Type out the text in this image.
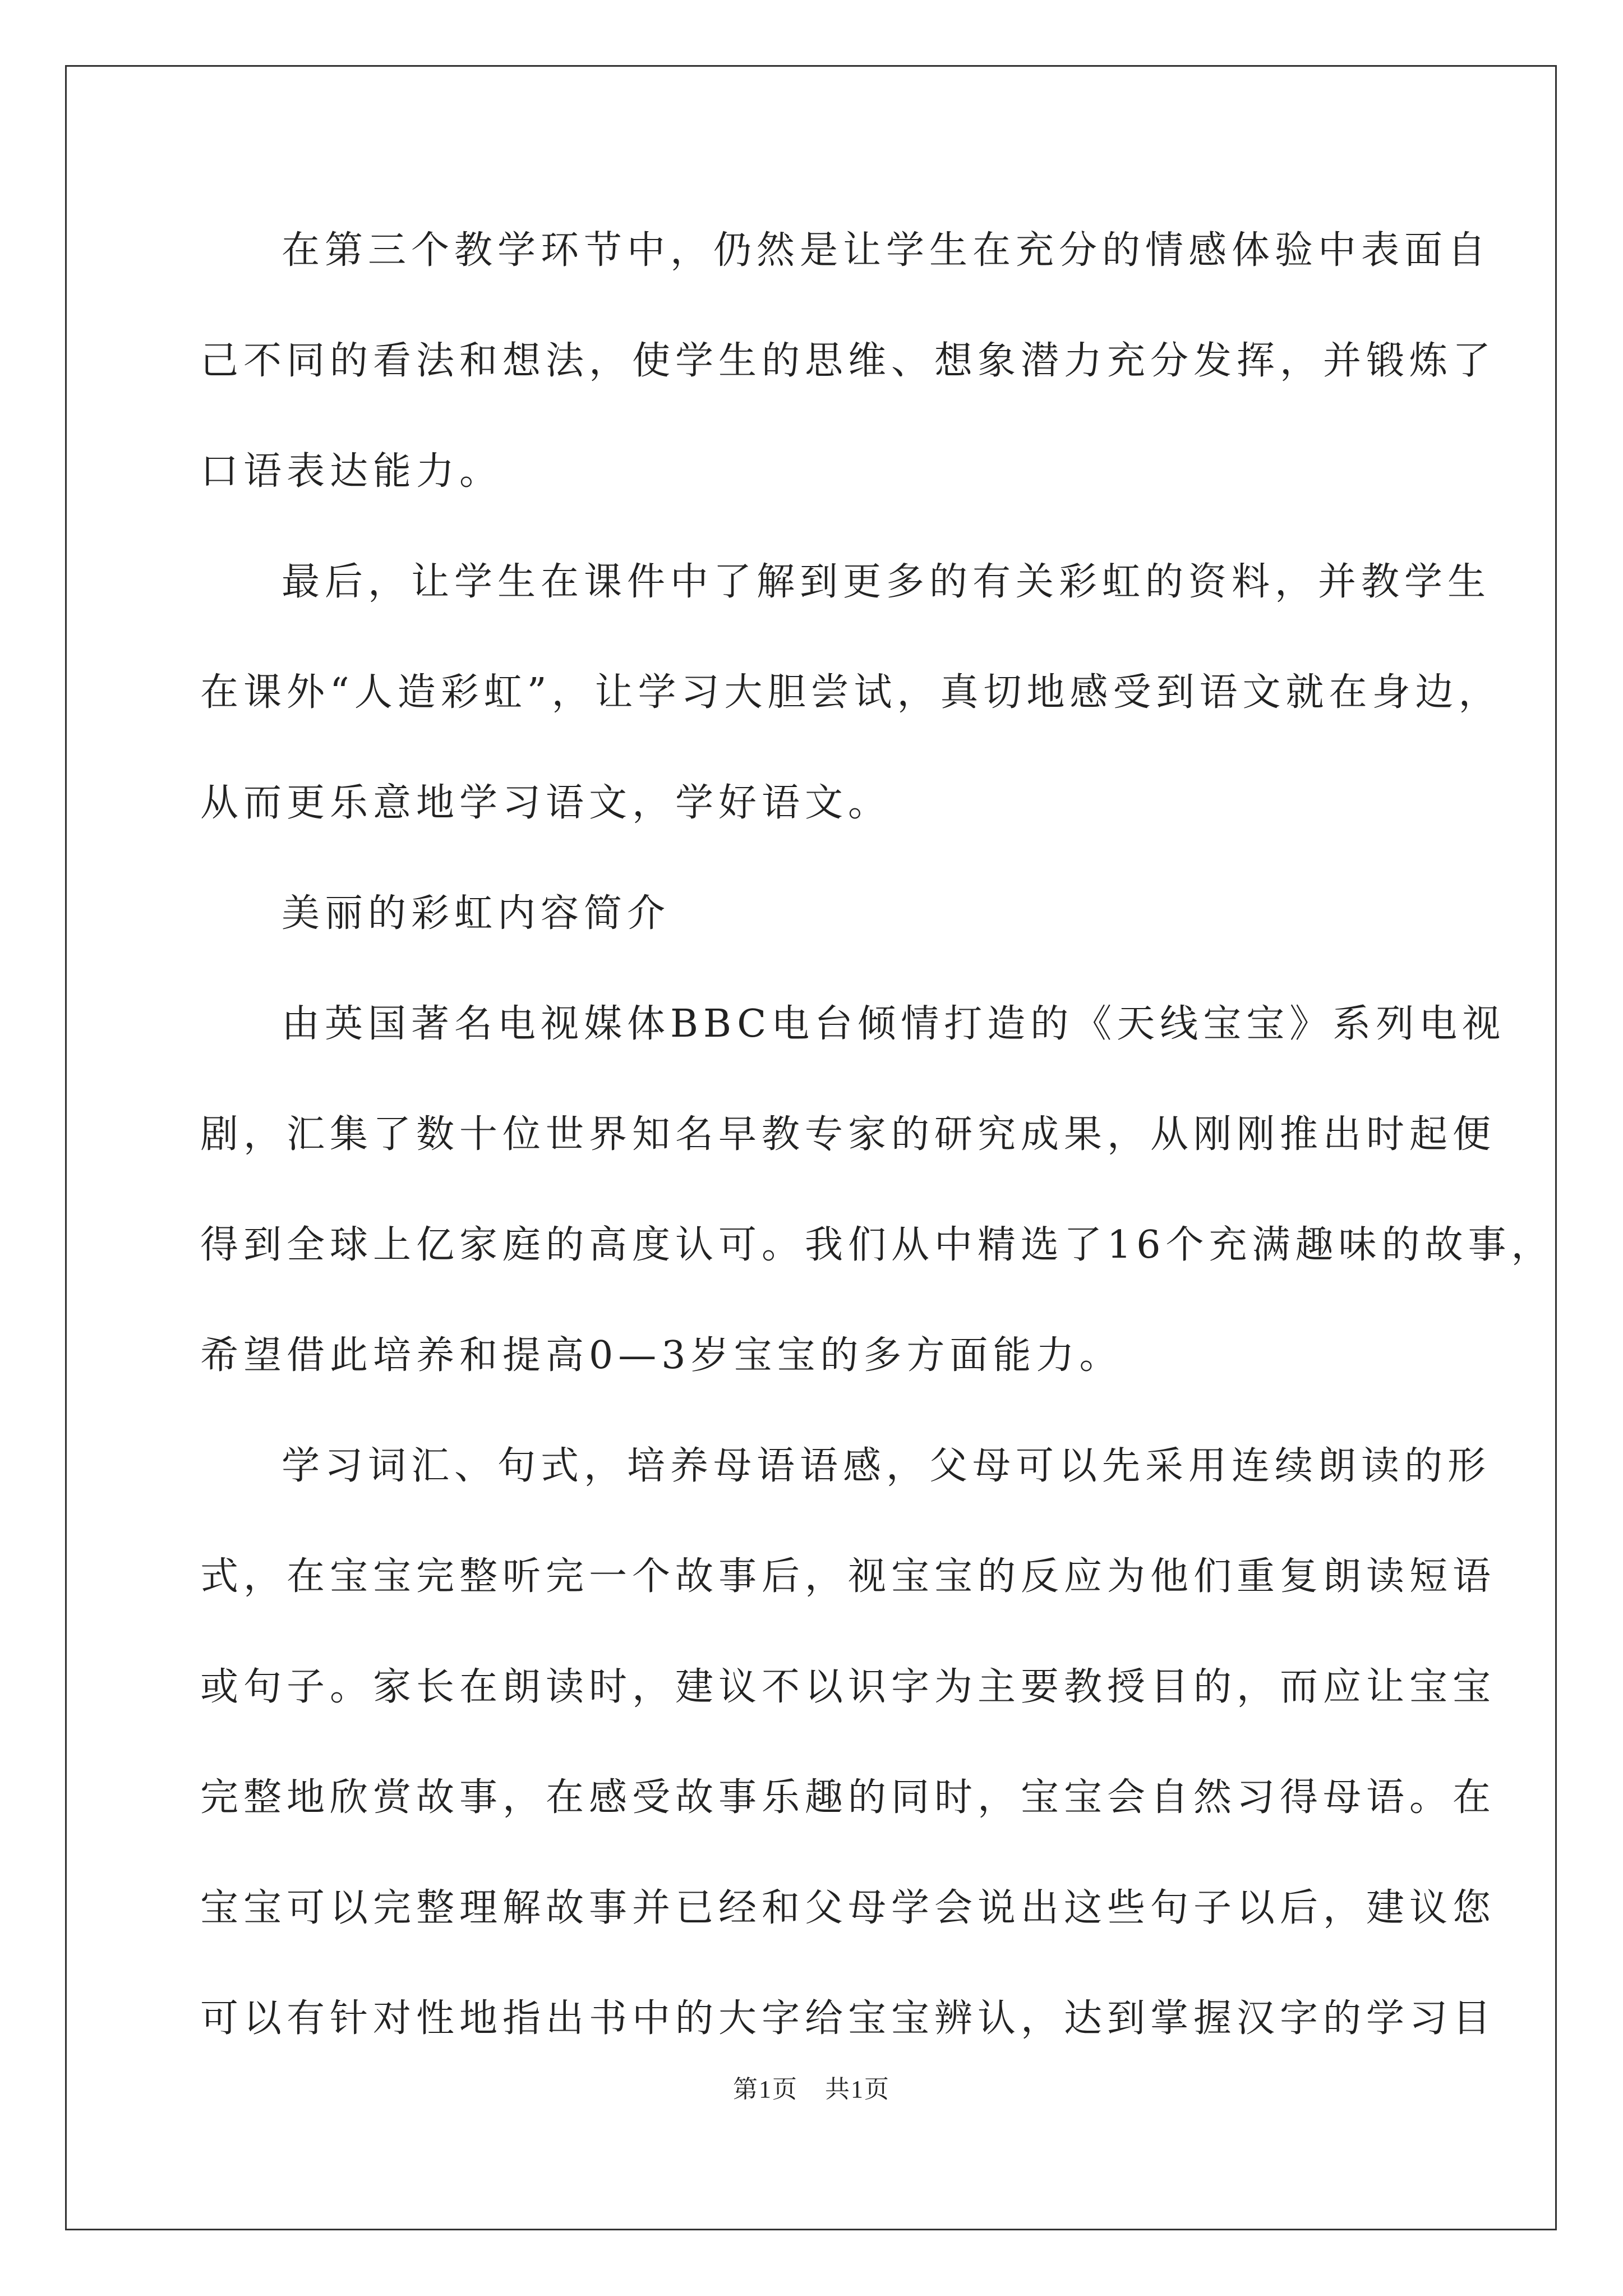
在第三个教学环节中，仍然是让学生在充分的情感体验中表面自
己不同的看法和想法，使学生的思维、想象潜力充分发挥，并锻炼了
口语表达能力。

最后，让学生在课件中了解到更多的有关彩虹的资料，并教学生
在课外“人造彩虹”，让学习大胆尝试，真切地感受到语文就在身边，
从而更乐意地学习语文，学好语文。

美丽的彩虹内容简介

由英国著名电视媒体BBC电台倾情打造的《天线宝宝》系列电视
剧，汇集了数十位世界知名早教专家的研究成果，从刚刚推出时起便
得到全球上亿家庭的高度认可。我们从中精选了16个充满趣味的故事，
希望借此培养和提高0—3岁宝宝的多方面能力。

学习词汇、句式，培养母语语感，父母可以先采用连续朗读的形
式，在宝宝完整听完一个故事后，视宝宝的反应为他们重复朗读短语
或句子。家长在朗读时，建议不以识字为主要教授目的，而应让宝宝
完整地欣赏故事，在感受故事乐趣的同时，宝宝会自然习得母语。在
宝宝可以完整理解故事并已经和父母学会说出这些句子以后，建议您
可以有针对性地指出书中的大字给宝宝辨认，达到掌握汉字的学习目

第1页 共1页
